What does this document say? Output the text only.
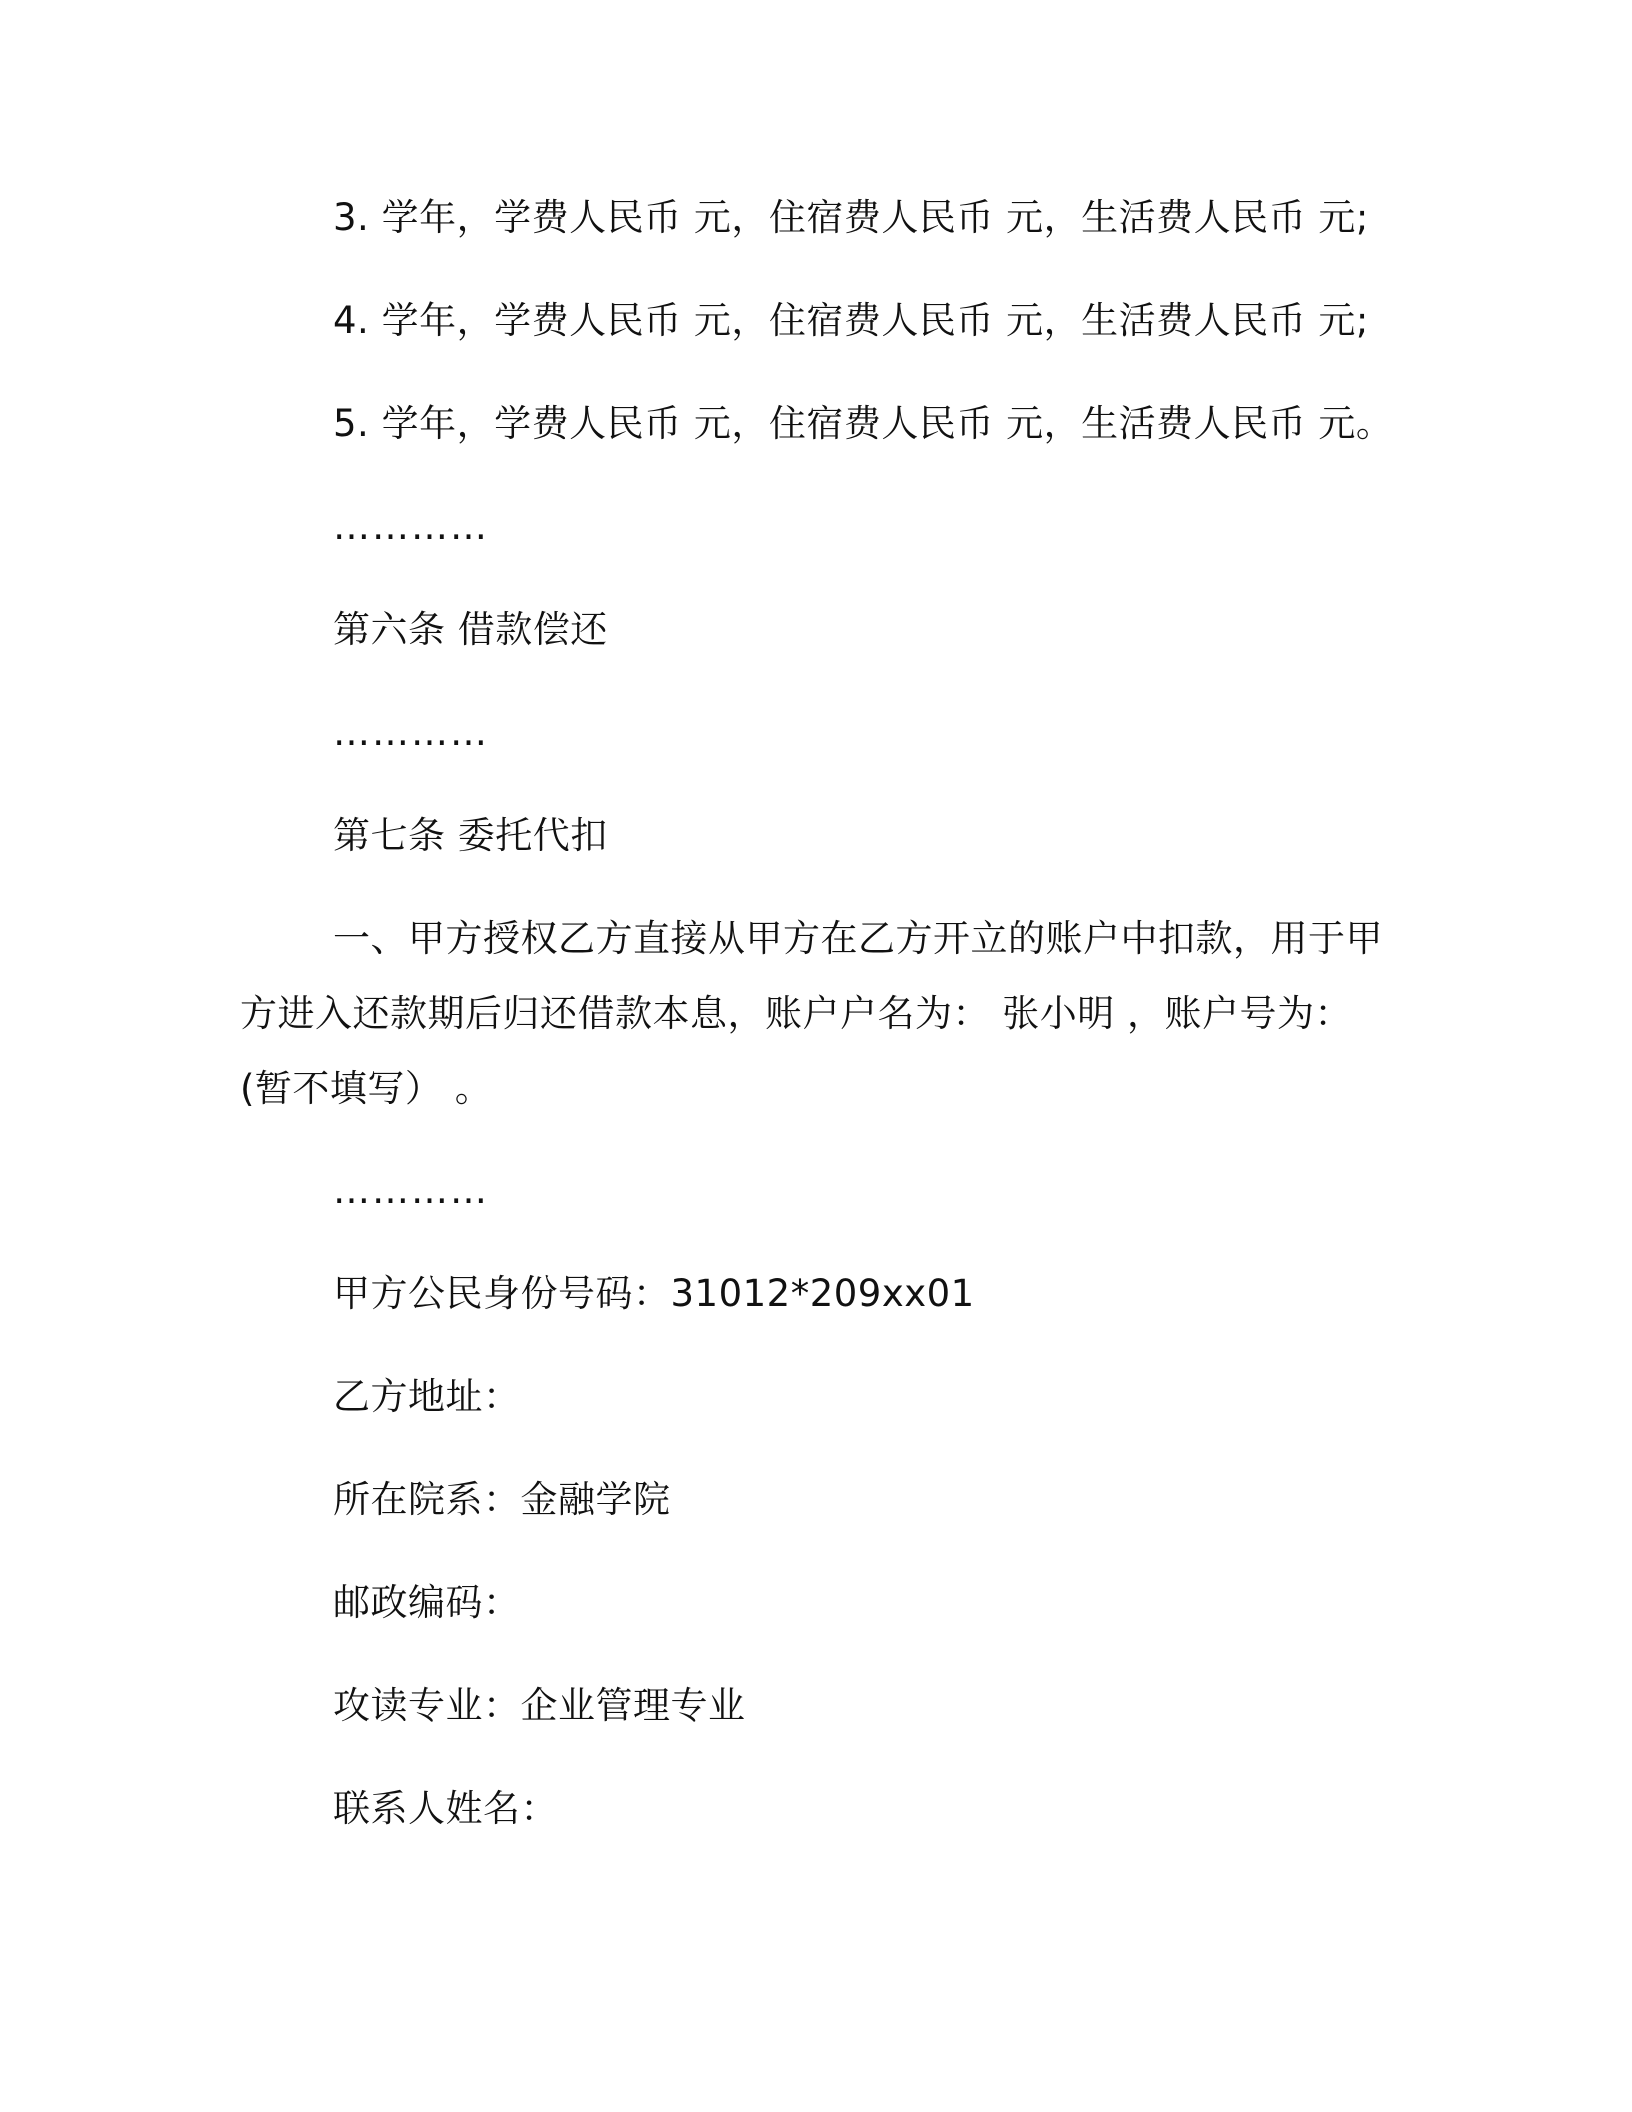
3. 学年，学费人民币 元，住宿费人民币 元，生活费人民币 元;
4. 学年，学费人民币 元，住宿费人民币 元，生活费人民币 元;
5. 学年，学费人民币 元，住宿费人民币 元，生活费人民币 元。
…………
第六条 借款偿还
…………
第七条 委托代扣
一、甲方授权乙方直接从甲方在乙方开立的账户中扣款，用于甲
方进入还款期后归还借款本息，账户户名为： 张小明 ，账户号为：
(暂不填写） 。
…………
甲方公民身份号码：31012*209xx01
乙方地址：
所在院系：金融学院
邮政编码：
攻读专业：企业管理专业
联系人姓名：
